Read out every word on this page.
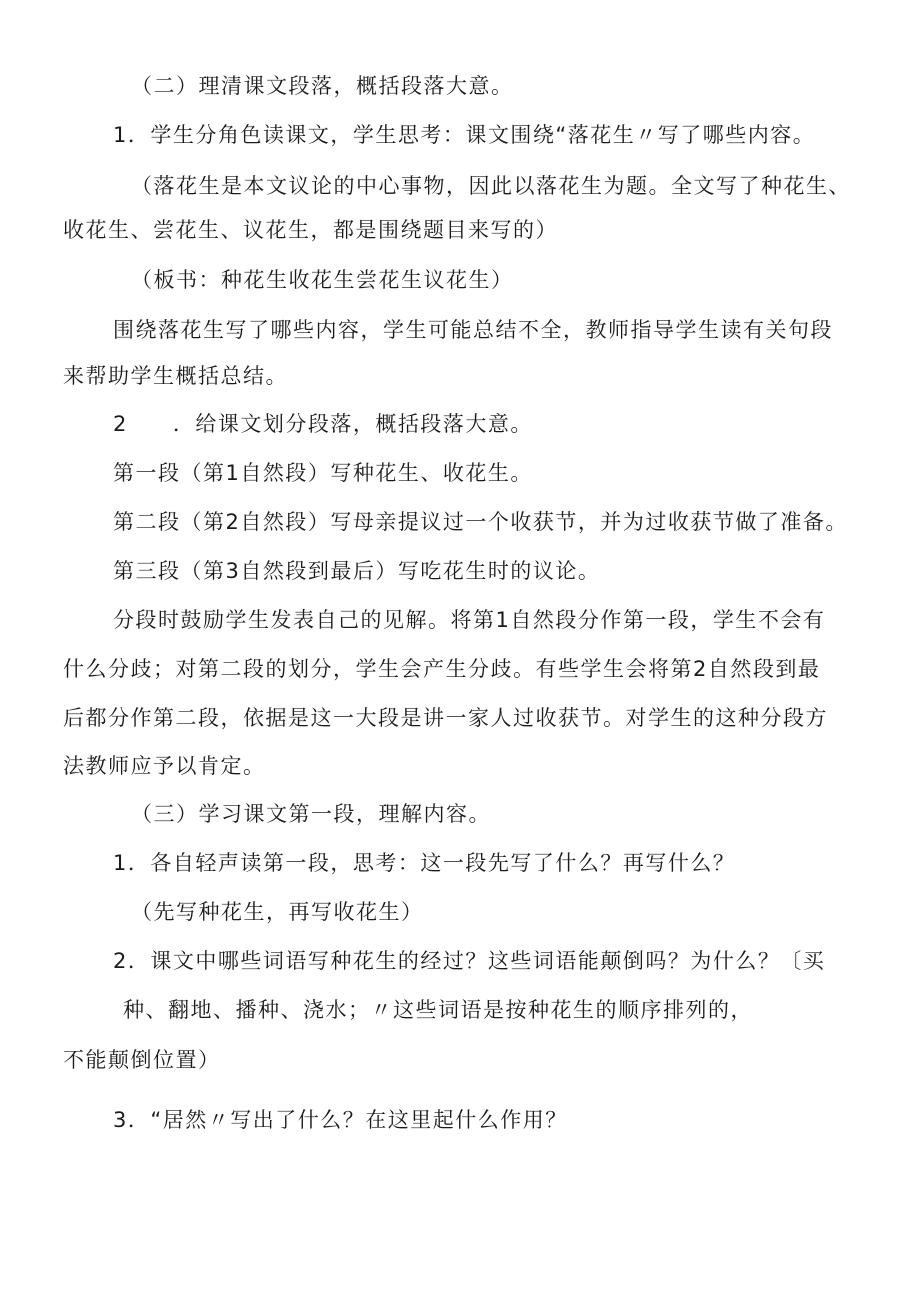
（二）理清课文段落，概括段落大意。
1．学生分角色读课文，学生思考：课文围绕“落花生〃写了哪些内容。
（落花生是本文议论的中心事物，因此以落花生为题。全文写了种花生、
收花生、尝花生、议花生，都是围绕题目来写的）
（板书：种花生收花生尝花生议花生）
围绕落花生写了哪些内容，学生可能总结不全，教师指导学生读有关句段
来帮助学生概括总结。
2　　．给课文划分段落，概括段落大意。
第一段（第1自然段）写种花生、收花生。
第二段（第2自然段）写母亲提议过一个收获节，并为过收获节做了准备。
第三段（第3自然段到最后）写吃花生时的议论。
分段时鼓励学生发表自己的见解。将第1自然段分作第一段，学生不会有
什么分歧；对第二段的划分，学生会产生分歧。有些学生会将第2自然段到最
后都分作第二段，依据是这一大段是讲一家人过收获节。对学生的这种分段方
法教师应予以肯定。
（三）学习课文第一段，理解内容。
1．各自轻声读第一段，思考：这一段先写了什么？再写什么？
（先写种花生，再写收花生）
2．课文中哪些词语写种花生的经过？这些词语能颠倒吗？为什么？〔买
种、翻地、播种、浇水；〃这些词语是按种花生的顺序排列的，
不能颠倒位置）
3．“居然〃写出了什么？在这里起什么作用？
